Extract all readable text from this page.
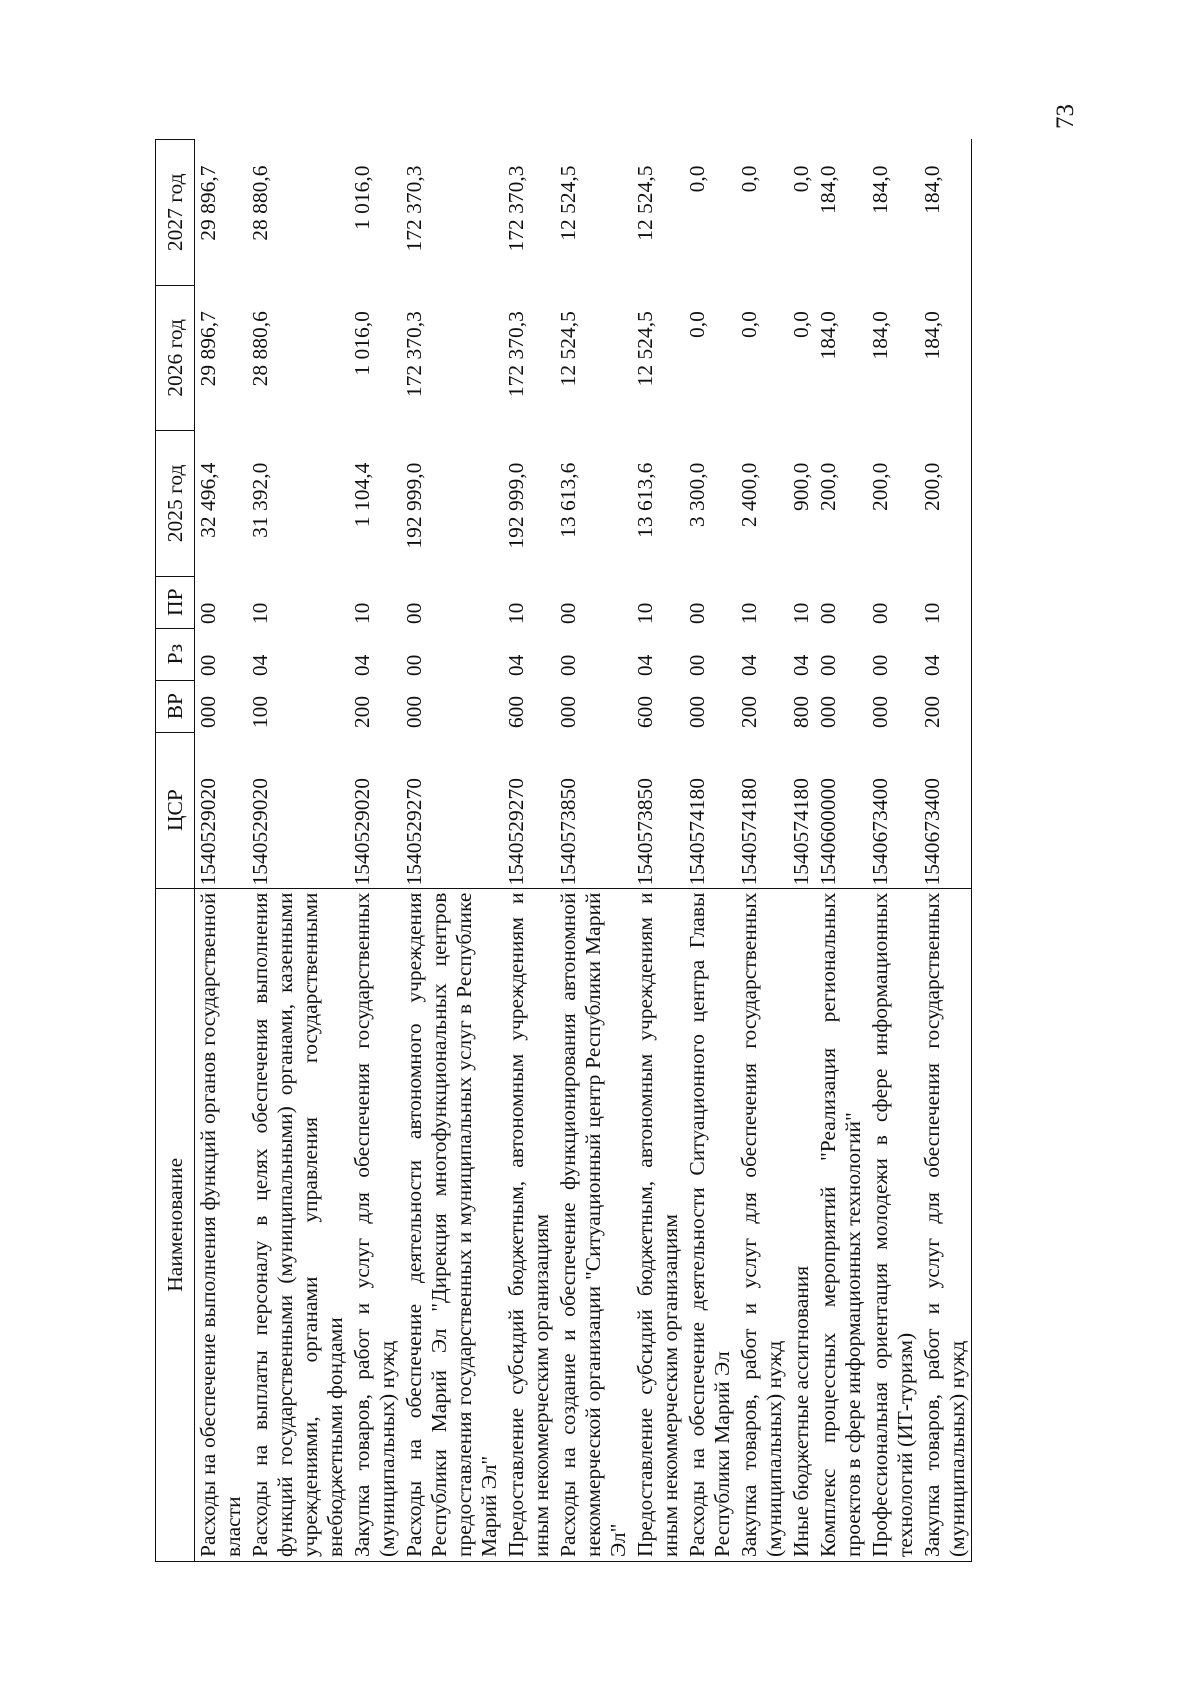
73
Наименование	ЦСР	ВР	Рз	ПР	2025 год	2026 год	2027 год
Расходы на обеспечение выполнения функций органов государственной власти	1540529020	000	00	00	32 496,4	29 896,7	29 896,7
Расходы на выплаты персоналу в целях обеспечения выполнения функций государственными (муниципальными) органами, казенными учреждениями, органами управления государственными внебюджетными фондами	1540529020	100	04	10	31 392,0	28 880,6	28 880,6
Закупка товаров, работ и услуг для обеспечения государственных (муниципальных) нужд	1540529020	200	04	10	1 104,4	1 016,0	1 016,0
Расходы на обеспечение деятельности автономного учреждения Республики Марий Эл "Дирекция многофункциональных центров предоставления государственных и муниципальных услуг в Республике Марий Эл"	1540529270	000	00	00	192 999,0	172 370,3	172 370,3
Предоставление субсидий бюджетным, автономным учреждениям и иным некоммерческим организациям	1540529270	600	04	10	192 999,0	172 370,3	172 370,3
Расходы на создание и обеспечение функционирования автономной некоммерческой организации "Ситуационный центр Республики Марий Эл"	1540573850	000	00	00	13 613,6	12 524,5	12 524,5
Предоставление субсидий бюджетным, автономным учреждениям и иным некоммерческим организациям	1540573850	600	04	10	13 613,6	12 524,5	12 524,5
Расходы на обеспечение деятельности Ситуационного центра Главы Республики Марий Эл	1540574180	000	00	00	3 300,0	0,0	0,0
Закупка товаров, работ и услуг для обеспечения государственных (муниципальных) нужд	1540574180	200	04	10	2 400,0	0,0	0,0
Иные бюджетные ассигнования	1540574180	800	04	10	900,0	0,0	0,0
Комплекс процессных мероприятий "Реализация региональных проектов в сфере информационных технологий"	1540600000	000	00	00	200,0	184,0	184,0
Профессиональная ориентация молодежи в сфере информационных технологий (ИТ-туризм)	1540673400	000	00	00	200,0	184,0	184,0
Закупка товаров, работ и услуг для обеспечения государственных (муниципальных) нужд	1540673400	200	04	10	200,0	184,0	184,0
